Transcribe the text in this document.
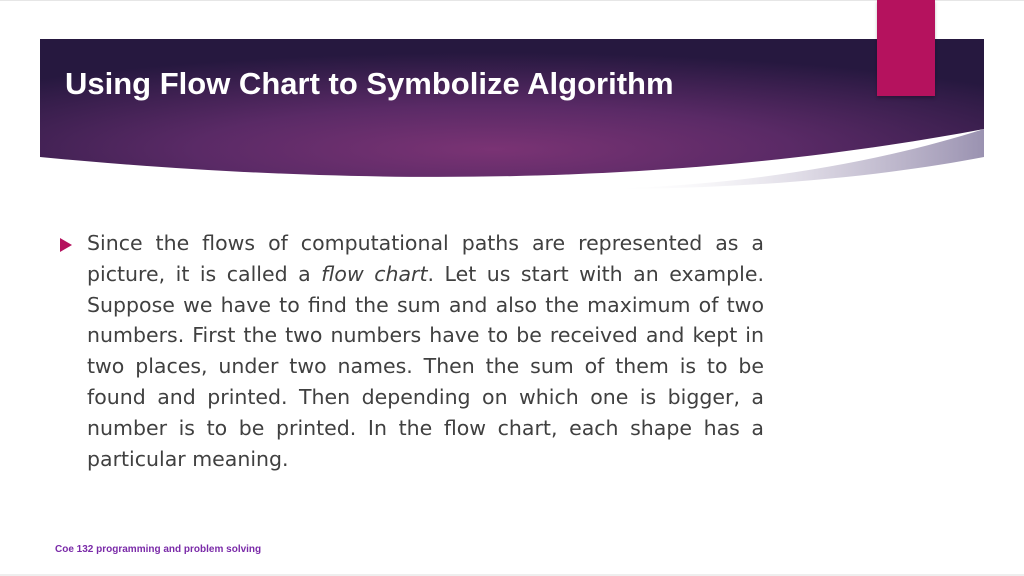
Using Flow Chart to Symbolize Algorithm

Since the flows of computational paths are represented as a picture, it is called a flow chart. Let us start with an example. Suppose we have to find the sum and also the maximum of two numbers. First the two numbers have to be received and kept in two places, under two names. Then the sum of them is to be found and printed. Then depending on which one is bigger, a number is to be printed. In the flow chart, each shape has a particular meaning.

Coe 132 programming and problem solving
